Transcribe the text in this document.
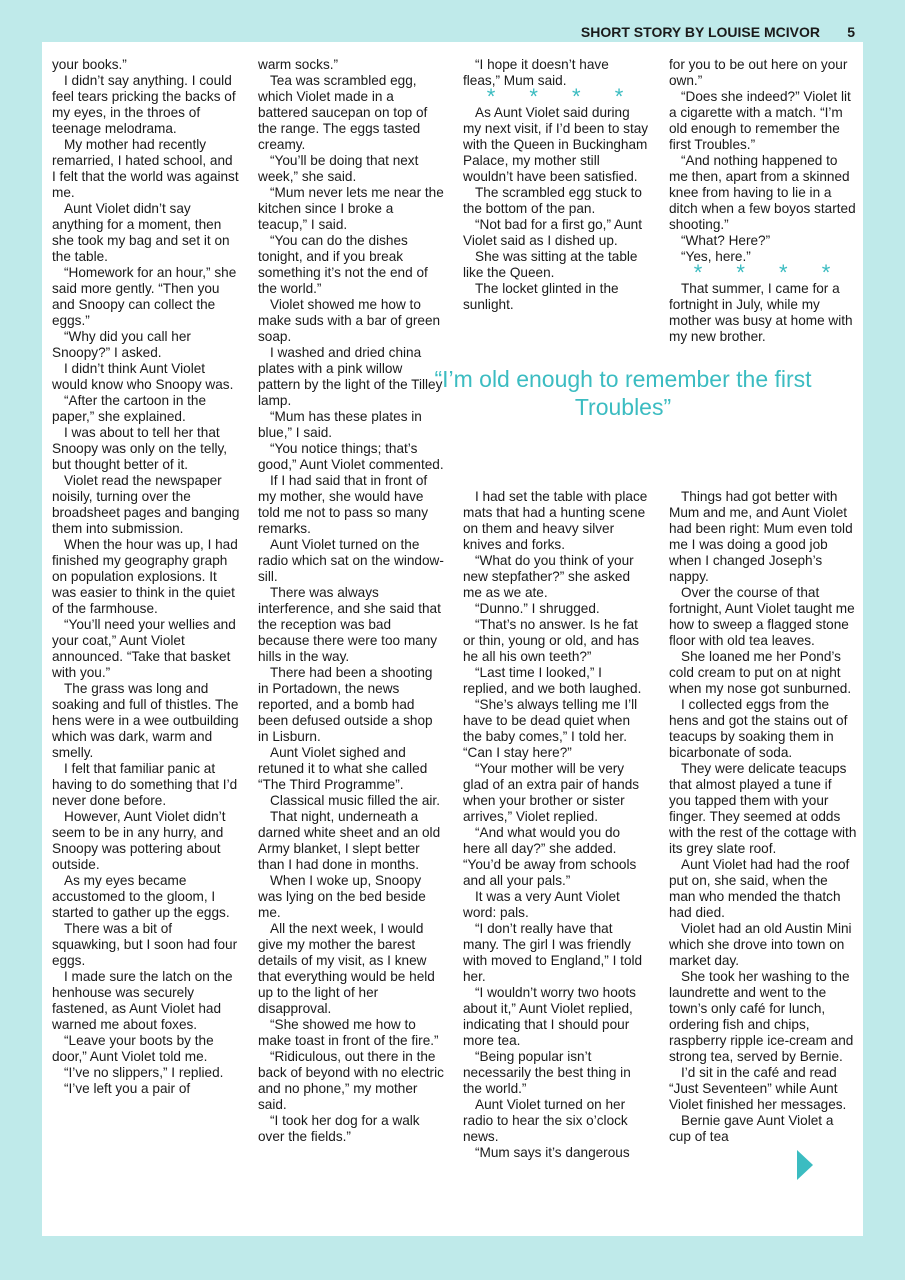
SHORT STORY BY LOUISE MCIVOR 5

your books.”

I didn’t say anything. I could feel tears pricking the backs of my eyes, in the throes of teenage melodrama.

My mother had recently remarried, I hated school, and I felt that the world was against me.

Aunt Violet didn’t say anything for a moment, then she took my bag and set it on the table.

“Homework for an hour,” she said more gently. “Then you and Snoopy can collect the eggs.”

“Why did you call her Snoopy?” I asked.

I didn’t think Aunt Violet would know who Snoopy was.

“After the cartoon in the paper,” she explained.

I was about to tell her that Snoopy was only on the telly, but thought better of it.

Violet read the newspaper noisily, turning over the broadsheet pages and banging them into submission.

When the hour was up, I had finished my geography graph on population explosions. It was easier to think in the quiet of the farmhouse.

“You’ll need your wellies and your coat,” Aunt Violet announced. “Take that basket with you.”

The grass was long and soaking and full of thistles. The hens were in a wee outbuilding which was dark, warm and smelly.

I felt that familiar panic at having to do something that I’d never done before.

However, Aunt Violet didn’t seem to be in any hurry, and Snoopy was pottering about outside.

As my eyes became accustomed to the gloom, I started to gather up the eggs.

There was a bit of squawking, but I soon had four eggs.

I made sure the latch on the henhouse was securely fastened, as Aunt Violet had warned me about foxes.

“Leave your boots by the door,” Aunt Violet told me.

“I’ve no slippers,” I replied.

“I’ve left you a pair of

warm socks.”

Tea was scrambled egg, which Violet made in a battered saucepan on top of the range. The eggs tasted creamy.

“You’ll be doing that next week,” she said.

“Mum never lets me near the kitchen since I broke a teacup,” I said.

“You can do the dishes tonight, and if you break something it’s not the end of the world.”

Violet showed me how to make suds with a bar of green soap.

I washed and dried china plates with a pink willow pattern by the light of the Tilley lamp.

“Mum has these plates in blue,” I said.

“You notice things; that’s good,” Aunt Violet commented.

If I had said that in front of my mother, she would have told me not to pass so many remarks.

Aunt Violet turned on the radio which sat on the window-sill.

There was always interference, and she said that the reception was bad because there were too many hills in the way.

There had been a shooting in Portadown, the news reported, and a bomb had been defused outside a shop in Lisburn.

Aunt Violet sighed and retuned it to what she called “The Third Programme”.

Classical music filled the air.

That night, underneath a darned white sheet and an old Army blanket, I slept better than I had done in months.

When I woke up, Snoopy was lying on the bed beside me.

All the next week, I would give my mother the barest details of my visit, as I knew that everything would be held up to the light of her disapproval.

“She showed me how to make toast in front of the fire.”

“Ridiculous, out there in the back of beyond with no electric and no phone,” my mother said.

“I took her dog for a walk over the fields.”

“I hope it doesn’t have fleas,” Mum said.

* * * *

As Aunt Violet said during my next visit, if I’d been to stay with the Queen in Buckingham Palace, my mother still wouldn’t have been satisfied.

The scrambled egg stuck to the bottom of the pan.

“Not bad for a first go,” Aunt Violet said as I dished up.

She was sitting at the table like the Queen.

The locket glinted in the sunlight.

for you to be out here on your own.”

“Does she indeed?” Violet lit a cigarette with a match. “I’m old enough to remember the first Troubles.”

“And nothing happened to me then, apart from a skinned knee from having to lie in a ditch when a few boyos started shooting.”

“What? Here?”

“Yes, here.”

* * * *

That summer, I came for a fortnight in July, while my mother was busy at home with my new brother.

“I’m old enough to remember the first Troubles”

I had set the table with place mats that had a hunting scene on them and heavy silver knives and forks.

“What do you think of your new stepfather?” she asked me as we ate.

“Dunno.” I shrugged.

“That’s no answer. Is he fat or thin, young or old, and has he all his own teeth?”

“Last time I looked,” I replied, and we both laughed.

“She’s always telling me I’ll have to be dead quiet when the baby comes,” I told her. “Can I stay here?”

“Your mother will be very glad of an extra pair of hands when your brother or sister arrives,” Violet replied.

“And what would you do here all day?” she added. “You’d be away from schools and all your pals.”

It was a very Aunt Violet word: pals.

“I don’t really have that many. The girl I was friendly with moved to England,” I told her.

“I wouldn’t worry two hoots about it,” Aunt Violet replied, indicating that I should pour more tea.

“Being popular isn’t necessarily the best thing in the world.”

Aunt Violet turned on her radio to hear the six o’clock news.

“Mum says it’s dangerous

Things had got better with Mum and me, and Aunt Violet had been right: Mum even told me I was doing a good job when I changed Joseph’s nappy.

Over the course of that fortnight, Aunt Violet taught me how to sweep a flagged stone floor with old tea leaves.

She loaned me her Pond’s cold cream to put on at night when my nose got sunburned.

I collected eggs from the hens and got the stains out of teacups by soaking them in bicarbonate of soda.

They were delicate teacups that almost played a tune if you tapped them with your finger. They seemed at odds with the rest of the cottage with its grey slate roof.

Aunt Violet had had the roof put on, she said, when the man who mended the thatch had died.

Violet had an old Austin Mini which she drove into town on market day.

She took her washing to the laundrette and went to the town’s only café for lunch, ordering fish and chips, raspberry ripple ice-cream and strong tea, served by Bernie.

I’d sit in the café and read “Just Seventeen” while Aunt Violet finished her messages.

Bernie gave Aunt Violet a cup of tea
